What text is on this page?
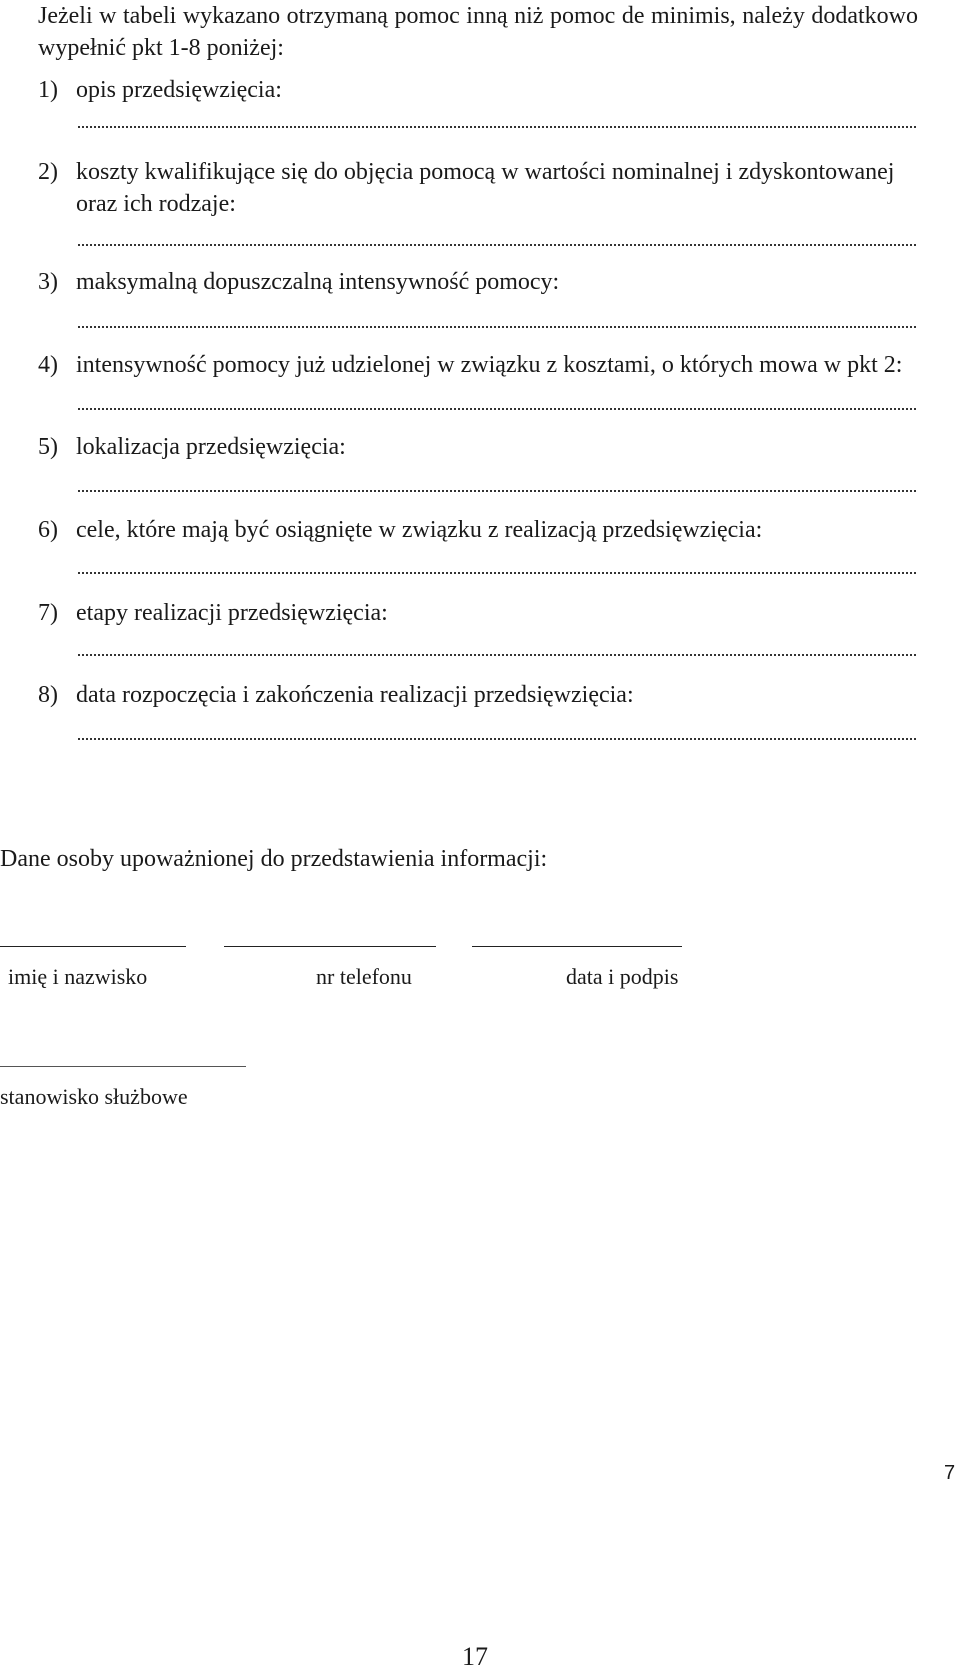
Jeżeli w tabeli wykazano otrzymaną pomoc inną niż pomoc de minimis, należy dodatkowo wypełnić pkt 1-8 poniżej:
1) opis przedsięwzięcia:
2) koszty kwalifikujące się do objęcia pomocą w wartości nominalnej i zdyskontowanej oraz ich rodzaje:
3) maksymalną dopuszczalną intensywność pomocy:
4) intensywność pomocy już udzielonej w związku z kosztami, o których mowa w pkt 2:
5) lokalizacja przedsięwzięcia:
6) cele, które mają być osiągnięte w związku z realizacją przedsięwzięcia:
7) etapy realizacji przedsięwzięcia:
8) data rozpoczęcia i zakończenia realizacji przedsięwzięcia:
Dane osoby upoważnionej do przedstawienia informacji:
imię i nazwisko	nr telefonu	data i podpis
stanowisko służbowe
7
17
